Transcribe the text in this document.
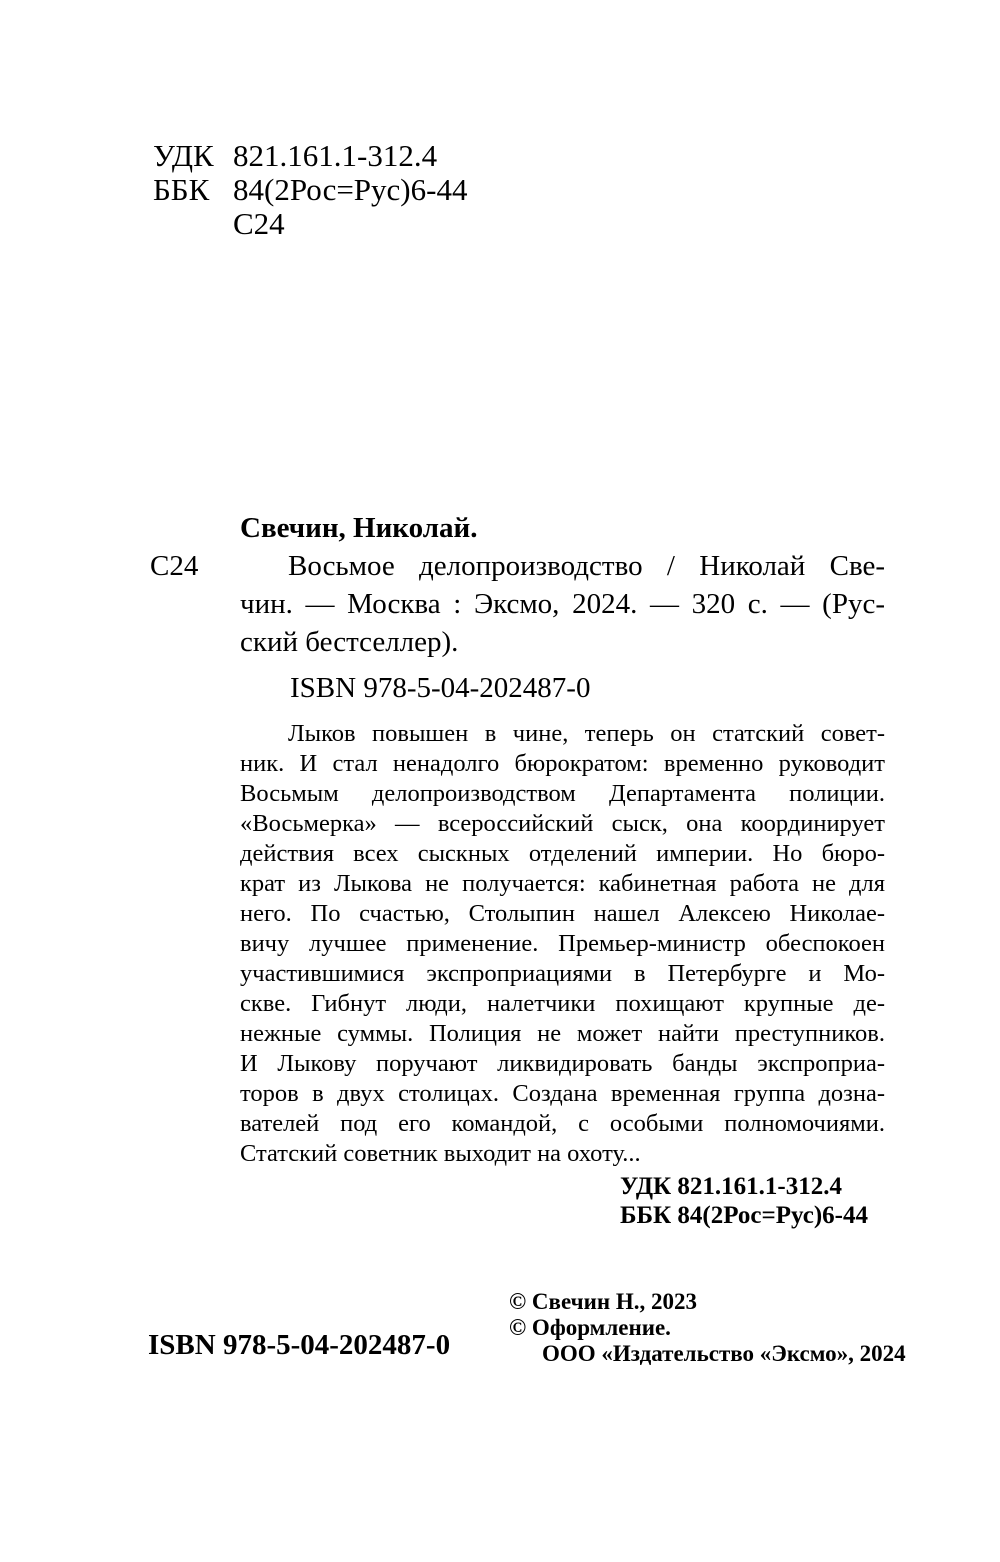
УДК 821.161.1-312.4
ББК 84(2Рос=Рус)6-44
С24
С24
Свечин, Николай.
Восьмое делопроизводство / Николай Све-
чин. — Москва : Эксмо, 2024. — 320 с. — (Рус-
ский бестселлер).
ISBN 978-5-04-202487-0
Лыков повышен в чине, теперь он статский совет-
ник. И стал ненадолго бюрократом: временно руководит
Восьмым делопроизводством Департамента полиции.
«Восьмерка» — всероссийский сыск, она координирует
действия всех сыскных отделений империи. Но бюро-
крат из Лыкова не получается: кабинетная работа не для
него. По счастью, Столыпин нашел Алексею Николае-
вичу лучшее применение. Премьер-министр обеспокоен
участившимися экспроприациями в Петербурге и Мо-
скве. Гибнут люди, налетчики похищают крупные де-
нежные суммы. Полиция не может найти преступников.
И Лыкову поручают ликвидировать банды экспроприа-
торов в двух столицах. Создана временная группа дозна-
вателей под его командой, с особыми полномочиями.
Статский советник выходит на охоту...
УДК 821.161.1-312.4
ББК 84(2Рос=Рус)6-44
ISBN 978-5-04-202487-0
© Свечин Н., 2023
© Оформление.
ООО «Издательство «Эксмо», 2024
